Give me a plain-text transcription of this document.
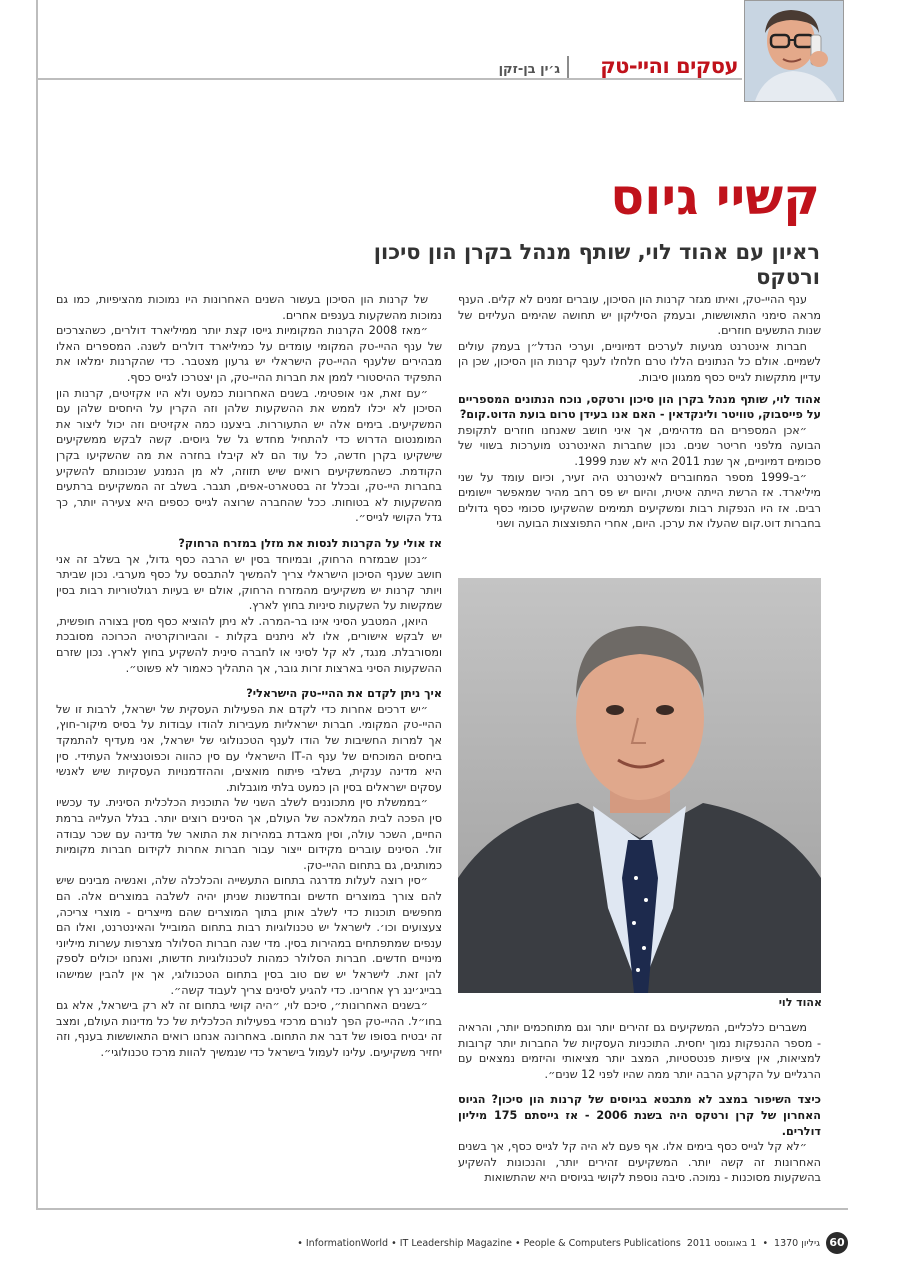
עסקים והיי-טק
ג׳ין בן-זקן
קשיי גיוס
ראיון עם אהוד לוי, שותף מנהל בקרן הון סיכון ורטקס

ענף ההיי-טק, ואיתו מגזר קרנות הון הסיכון, עוברים זמנים לא קלים. הענף מראה סימני התאוששות, ובעמק הסיליקון יש תחושה שהימים העליזים של שנות התשעים חוזרים.

חברות אינטרנט מגיעות לערכים דמיוניים, וערכי הנדל״ן בעמק עולים לשמיים. אולם כל הנתונים הללו טרם חלחלו לענף קרנות הון הסיכון, שכן הן עדיין מתקשות לגייס כסף ממגוון סיבות.

אהוד לוי, שותף מנהל בקרן הון סיכון ורטקס, נוכח הנתונים המספריים על פייסבוק, טוויטר ולינקדאין - האם אנו בעידן טרום בועת הדוט.קום?

״אכן המספרים הם מדהימים, אך איני חושב שאנחנו חוזרים לתקופת הבועה מלפני חריטר שנים. נכון שחברות האינטרנט מוערכות בשווי של סכומים דמיוניים, אך שנת 2011 היא לא שנת 1999.

״ב-1999 מספר המחוברים לאינטרנט היה זעיר, וכיום עומד על שני מיליארד. אז הרשת הייתה איטית, והיום יש פס רחב מהיר שמאפשר יישומים רבים. אז היו הנפקות רבות ומשקיעים תמימים שהשקיעו סכומי כסף גדולים בחברות דוט.קום שהעלו את ערכן. היום, אחרי התפוצצות הבועה ושני

אהוד לוי

משברים כלכליים, המשקיעים גם זהירים יותר וגם מתוחכמים יותר, והראיה - מספר ההנפקות נמוך יחסית. התוכניות העסקיות של החברות יותר קרובות למציאות, אין ציפיות פנטסטיות, המצב יותר מציאותי והיזמים נמצאים עם הרגליים על הקרקע הרבה יותר ממה שהיו לפני 12 שנים״.

כיצד השיפור במצב לא מתבטא בגיוסים של קרנות הון סיכון? הגיוס האחרון של קרן ורטקס היה בשנת 2006 - אז גייסתם 175 מיליון דולרים.

״לא קל לגייס כסף בימים אלו. אף פעם לא היה קל לגייס כסף, אך בשנים האחרונות זה קשה יותר. המשקיעים זהירים יותר, והנכונות להשקיע בהשקעות מסוכנות - נמוכה. סיבה נוספת לקושי בגיוסים היא שהתשואות

של קרנות הון הסיכון בעשור השנים האחרונות היו נמוכות מהציפיות, כמו גם נמוכות מהשקעות בענפים אחרים.

״מאז 2008 הקרנות המקומיות גייסו קצת יותר ממיליארד דולרים, כשהצרכים של ענף ההיי-טק המקומי עומדים על כמיליארד דולרים לשנה. המספרים האלו מבהירים שלענף ההיי-טק הישראלי יש גרעון מצטבר. כדי שהקרנות ימלאו את התפקיד ההיסטורי לממן את חברות ההיי-טק, הן יצטרכו לגייס כסף.

״עם זאת, אני אופטימי. בשנים האחרונות כמעט ולא היו אקזיטים, קרנות הון הסיכון לא יכלו לממש את ההשקעות שלהן וזה הקרין על היחסים שלהן עם המשקיעים. בימים אלה יש התעוררות. ביצענו כמה אקזיטים וזה יכול ליצור את המומנטום הדרוש כדי להתחיל מחדש גל של גיוסים. קשה לבקש ממשקיעים שישקיעו בקרן חדשה, כל עוד הם לא קיבלו בחזרה את מה שהשקיעו בקרן הקודמת. כשהמשקיעים רואים שיש תזוזה, לא מן הנמנע שנכונותם להשקיע בחברות היי-טק, ובכלל זה בסטארט-אפים, תגבר. בשלב זה המשקיעים ברתעים מהשקעות לא בטוחות. ככל שהחברה שרוצה לגייס כספים היא צעירה יותר, כך גדל הקושי לגייס״.

אז אולי על הקרנות לנסות את מזלן במזרח הרחוק?

״נכון שבמזרח הרחוק, ובמיוחד בסין יש הרבה כסף גדול, אך בשלב זה אני חושב שענף הסיכון הישראלי צריך להמשיך להתבסס על כסף מערבי. נכון שביתר ויותר קרנות יש משקיעים מהמזרח הרחוק, אולם יש בעיות רגולטוריות רבות בסין שמקשות על השקעות סיניות בחוץ לארץ.

היואן, המטבע הסיני אינו בר-המרה. לא ניתן להוציא כסף מסין בצורה חופשית, יש לבקש אישורים, אלו לא ניתנים בקלות - והביורוקרטיה הכרוכה מסובכת ומסורבלת. מנגד, לא קל לסיני או לחברה סינית להשקיע בחוץ לארץ. נכון שזרם ההשקעות הסיני בארצות זרות גובר, אך התהליך כאמור לא פשוט״.

איך ניתן לקדם את ההיי-טק הישראלי?

״יש דרכים אחרות כדי לקדם את הפעילות העסקית של ישראל, לרבות זו של ההיי-טק המקומי. חברות ישראליות מעבירות להודו עבודות על בסיס מיקור-חוץ, אך למרות החשיבות של הודו לענף הטכנולוגי של ישראל, אני מעדיף להתמקד ביחסים המוכחים של ענף ה-IT הישראלי עם סין כהווה וכפוטנציאל העתידי. סין היא מדינה ענקית, בשלבי פיתוח מואצים, וההזדמנויות העסקיות שיש לאנשי עסקים ישראלים בסין הן כמעט בלתי מוגבלות.

״בממשלת סין מתכוננים לשלב השני של התוכנית הכלכלית הסינית. עד עכשיו סין הפכה לבית המלאכה של העולם, אך הסינים רוצים יותר. בגלל העלייה ברמת החיים, השכר עולה, וסין מאבדת במהירות את התואר של מדינה עם שכר עבודה זול. הסינים עוברים מקידום ייצור עבור חברות אחרות לקידום חברות מקומיות כמותגים, גם בתחום ההיי-טק.

״סין רוצה לעלות מדרגה בתחום התעשייה והכלכלה שלה, ואנשיה מבינים שיש להם צורך במוצרים חדשים ובחדשנות שניתן יהיה לשלבה במוצרים אלה. הם מחפשים תוכנות כדי לשלב אותן בתוך המוצרים שהם מייצרים - מוצרי צריכה, צעצועים וכו׳. לישראל יש טכנולוגיות רבות בתחום המובייל והאינטרנט, ואלו הם ענפים שמתפתחים במהירות בסין. מדי שנה חברות הסלולר מצרפות עשרות מיליוני מינויים חדשים. חברות הסלולר כמהות לטכנולוגיות חדשות, ואנחנו יכולים לספק להן זאת. לישראל יש שם טוב בסין בתחום הטכנולוגי, אך אין להבין שמישהו בבייג׳ינג רץ אחרינו. כדי להגיע לסינים צריך לעבוד קשה״.

״בשנים האחרונות״, סיכם לוי, ״היה קושי בתחום זה לא רק בישראל, אלא גם בחו״ל. ההיי-טק הפך לנורם מרכזי בפעילות הכלכלית של כל מדינות העולם, ומצב זה יבטיח בסופו של דבר את התחום. באחרונה אנחנו רואים התאוששות בענף, וזה יחזיר משקיעים. עלינו לעמול בישראל כדי שנמשיך להוות מרכז טכנולוגי״.

60
גיליון 1370
•
1 באוגוסט 2011
InformationWorld • IT Leadership Magazine • People & Computers Publications •
